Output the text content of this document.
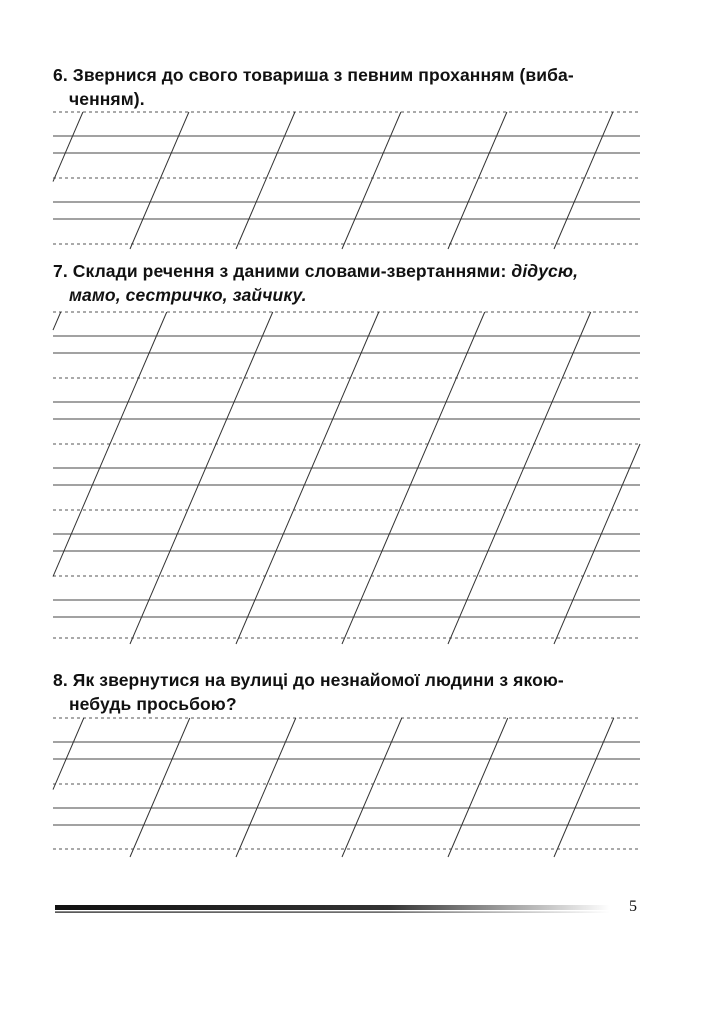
6. Звернися до свого товариша з певним проханням (виба-
ченням).
7. Склади речення з даними словами-звертаннями: дідусю,
мамо, сестричко, зайчику.
8. Як звернутися на вулиці до незнайомої людини з якою-
небудь просьбою?
5
